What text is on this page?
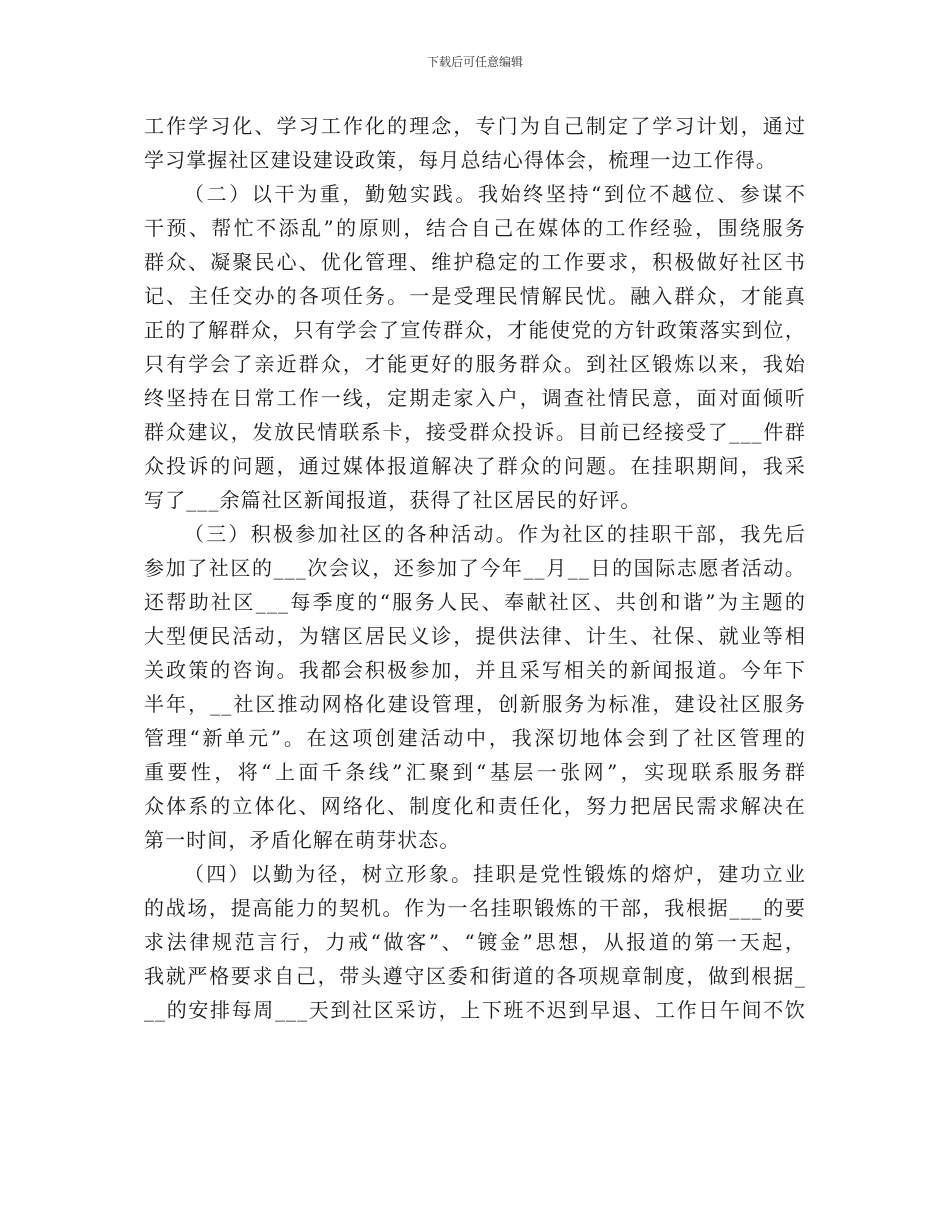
下载后可任意编辑
工作学习化、学习工作化的理念，专门为自己制定了学习计划，通过
学习掌握社区建设建设政策，每月总结心得体会，梳理一边工作得。
（二）以干为重，勤勉实践。我始终坚持“到位不越位、参谋不
干预、帮忙不添乱”的原则，结合自己在媒体的工作经验，围绕服务
群众、凝聚民心、优化管理、维护稳定的工作要求，积极做好社区书
记、主任交办的各项任务。一是受理民情解民忧。融入群众，才能真
正的了解群众，只有学会了宣传群众，才能使党的方针政策落实到位，
只有学会了亲近群众，才能更好的服务群众。到社区锻炼以来，我始
终坚持在日常工作一线，定期走家入户，调查社情民意，面对面倾听
群众建议，发放民情联系卡，接受群众投诉。目前已经接受了___件群
众投诉的问题，通过媒体报道解决了群众的问题。在挂职期间，我采
写了___余篇社区新闻报道，获得了社区居民的好评。
（三）积极参加社区的各种活动。作为社区的挂职干部，我先后
参加了社区的___次会议，还参加了今年__月__日的国际志愿者活动。
还帮助社区___每季度的“服务人民、奉献社区、共创和谐”为主题的
大型便民活动，为辖区居民义诊，提供法律、计生、社保、就业等相
关政策的咨询。我都会积极参加，并且采写相关的新闻报道。今年下
半年，__社区推动网格化建设管理，创新服务为标准，建设社区服务
管理“新单元”。在这项创建活动中，我深切地体会到了社区管理的
重要性，将“上面千条线”汇聚到“基层一张网”，实现联系服务群
众体系的立体化、网络化、制度化和责任化，努力把居民需求解决在
第一时间，矛盾化解在萌芽状态。
（四）以勤为径，树立形象。挂职是党性锻炼的熔炉，建功立业
的战场，提高能力的契机。作为一名挂职锻炼的干部，我根据___的要
求法律规范言行，力戒“做客”、“镀金”思想，从报道的第一天起，
我就严格要求自己，带头遵守区委和街道的各项规章制度，做到根据_
__的安排每周___天到社区采访，上下班不迟到早退、工作日午间不饮
